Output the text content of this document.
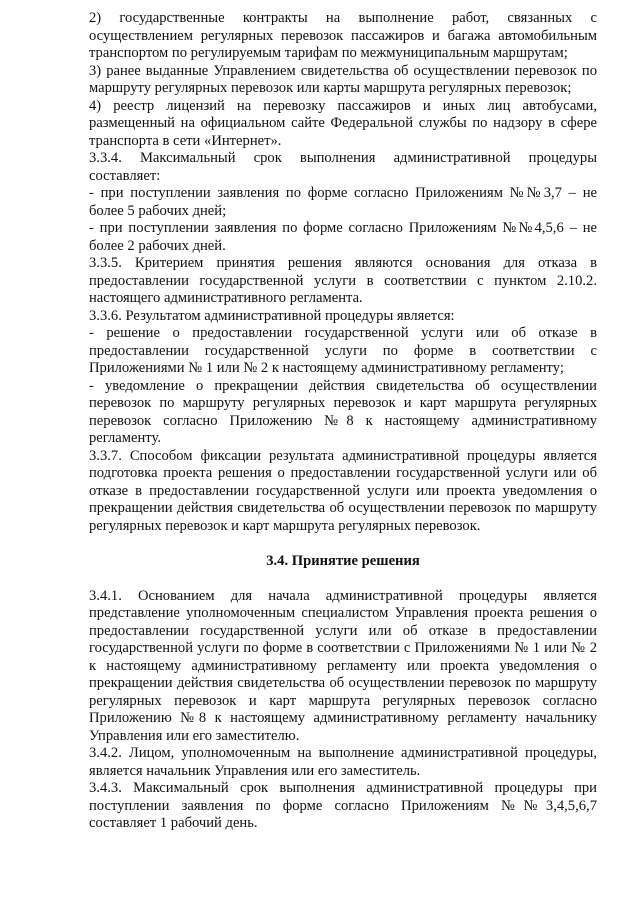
2) государственные контракты на выполнение работ, связанных с осуществлением регулярных перевозок пассажиров и багажа автомобильным транспортом по регулируемым тарифам по межмуниципальным маршрутам;

3) ранее выданные Управлением свидетельства об осуществлении перевозок по маршруту регулярных перевозок или карты маршрута регулярных перевозок;

4) реестр лицензий на перевозку пассажиров и иных лиц автобусами, размещенный на официальном сайте Федеральной службы по надзору в сфере транспорта в сети «Интернет».

3.3.4. Максимальный срок выполнения административной процедуры составляет:

- при поступлении заявления по форме согласно Приложениям №№3,7 – не более 5 рабочих дней;

- при поступлении заявления по форме согласно Приложениям №№4,5,6 – не более 2 рабочих дней.

3.3.5. Критерием принятия решения являются основания для отказа в предоставлении государственной услуги в соответствии с пунктом 2.10.2. настоящего административного регламента.

3.3.6. Результатом административной процедуры является:

- решение о предоставлении государственной услуги или об отказе в предоставлении государственной услуги по форме в соответствии с Приложениями № 1 или № 2 к настоящему административному регламенту;

- уведомление о прекращении действия свидетельства об осуществлении перевозок по маршруту регулярных перевозок и карт маршрута регулярных перевозок согласно Приложению №8 к настоящему административному регламенту.

3.3.7. Способом фиксации результата административной процедуры является подготовка проекта решения о предоставлении государственной услуги или об отказе в предоставлении государственной услуги или проекта уведомления о прекращении действия свидетельства об осуществлении перевозок по маршруту регулярных перевозок и карт маршрута регулярных перевозок.

3.4. Принятие решения

3.4.1. Основанием для начала административной процедуры является представление уполномоченным специалистом Управления проекта решения о предоставлении государственной услуги или об отказе в предоставлении государственной услуги по форме в соответствии с Приложениями № 1 или № 2 к настоящему административному регламенту или проекта уведомления о прекращении действия свидетельства об осуществлении перевозок по маршруту регулярных перевозок и карт маршрута регулярных перевозок согласно Приложению №8 к настоящему административному регламенту начальнику Управления или его заместителю.

3.4.2. Лицом, уполномоченным на выполнение административной процедуры, является начальник Управления или его заместитель.

3.4.3. Максимальный срок выполнения административной процедуры при поступлении заявления по форме согласно Приложениям №№3,4,5,6,7 составляет 1 рабочий день.
